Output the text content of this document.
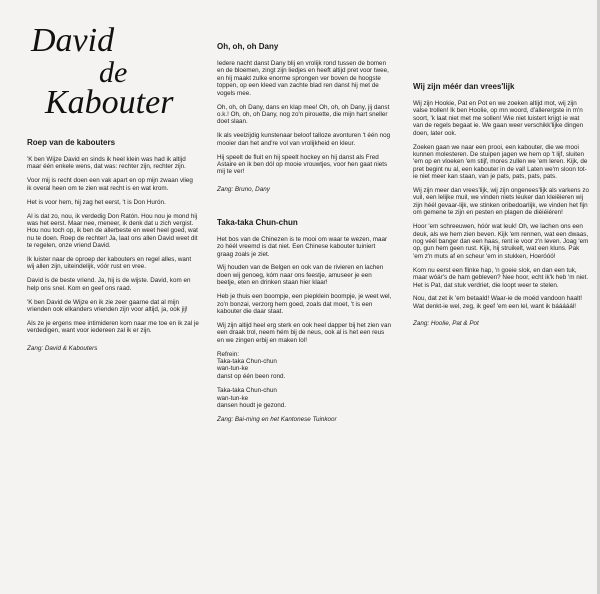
David
de
Kabouter
Roep van de kabouters

'K ben Wijze David en sinds ik heel klein was had ik altijd maar één enkele wens, dat was: rechter zijn, rechter zijn.

Voor mij is recht doen een vak apart en op mijn zwaan vlieg ik overal heen om te zien wat recht is en wat krom.

Het is voor hem, hij zag het eerst, 't is Don Hurón.

Al is dat zo, nou, ik verdedig Don Ratón. Hou nou je mond hij was het eerst. Maar nee, meneer, ik denk dat u zich vergist. Hou nou toch op, ik ben de allerbeste en weet heel goed, wat nu te doen. Roep de rechter! Ja, laat ons allen David weet dit te regelen, onze vriend David.

Ik luister naar de oproep der kabouters en regel alles, want wij allen zijn, uiteindelijk, vóór rust en vree.

David is de beste vriend. Ja, hij is de wijste. David, kom en help ons snel. Kom en geef ons raad.

'K ben David de Wijze en ik zie zeer gaarne dat al mijn vrienden ook elkanders vrienden zijn voor altijd, ja, ook jij!

Als ze je ergens mee intimideren kom naar me toe en ik zal je verdedigen, want voor iedereen zal ik er zijn.

Zang: David & Kabouters

Oh, oh, oh Dany

Iedere nacht danst Dany blij en vrolijk rond tussen de bomen en de bloemen, zingt zijn liedjes en heeft altijd pret voor twee, en hij maakt zulke enorme sprongen ver boven de hoogste toppen, op een kleed van zachte blad ren danst hij met de vogels mee.

Oh, oh, oh Dany, dans en klap mee! Oh, oh, oh Dany, jij danst o.k.! Oh, oh, oh Dany, nog zo'n pirouette, die mijn hart sneller doet slaan.

Ik als veelzijdig kunstenaar beloof talloze avonturen 't één nog mooier dan het and're vol van vrolijkheid en kleur.

Hij speelt de fluit en hij speelt hockey en hij danst als Fred Astaire en ik ben dól op mooie vrouwtjes, voor hen gaat niets mij te ver!

Zang: Bruno, Dany

Taka-taka Chun-chun

Het bos van de Chinezen is te mooi om waar te wezen, maar zo héél vreemd is dat niet. Een Chinese kabouter tuiniert graag zoals je ziet.

Wij houden van de Belgen en ook van de rivieren en lachen doen wij genoeg, kóm naar ons feestje, amuseer je een beetje, eten en drinken staan hier klaar!

Heb je thuis een boompje, een piepklein boompje, je weet wel, zo'n bonzai, verzorg hem goed, zoals dat moet, 't is een kabouter die daar staat.

Wij zijn altijd heel erg sterk en ook heel dapper bij het zien van een draak trol, neem hém bij de neus, ook al is het een reus en we zingen erbij en maken lol!

Refrein:

Taka-taka Chun-chun

wan-tun-ke

danst op één been rond.

Taka-taka Chun-chun

wan-tun-ke

dansen houdt je gezond.

Zang: Bai-ming en het Kantonese Tuinkoor

Wij zijn méér dan vrees'lijk

Wij zijn Hookie, Pat en Pot en we zoeken altijd mot, wij zijn valse trollen! Ik ben Hoolie, op mn woord, d'allerergste in m'n soort, 'k laat niet met me sollen! Wie niet luistert krijgt ie wat van de regels begaat ie. We gaan weer verschikk'lijke dingen doen, later ook.

Zoeken gaan we naar een prooi, een kabouter, die we mooi kunnen molesteren. De stuipen jagen we hem op 't lijf, sluiten 'em op en vloeken 'em stijf, mores zullen we 'em leren. Kijk, de pret begint nu al, een kabouter in de val! Laten we'm sloon tot-ie niet meer kan staan, van je pats, pats, pats, pats.

Wij zijn meer dan vrees'lijk, wij zijn ongenees'lijk als varkens zo vuil, een lelijke muil, we vinden niets leuker dan kleiëieren wij zijn héél gevaar-lijk, we stinken oribedoarlijk, we vinden het fijn om gemene te zijn en pesten en plagen de diéiéiéren!

Hoor 'em schreeuwen, hóór wat leuk! Oh, we lachen ons een deuk, als we hem zien beven. Kijk 'em rennen, wat een dwaas, nog véél banger dan een haas, rent ie voor z'n leven. Joag 'em op, gun hem geen rust. Kijk, hij struikelt, wat een kluns. Pak 'em z'n muts af en scheur 'em in stukken, Hoeróóó!

Kom nu eerst een flinke hap, 'n goeie slok, en dan een tuk, maar wóár's de ham gebleven? Nee hoor, echt ik'k heb 'm niet. Het is Pat, dat stuk verdriet, die loopt weer te stelen.

Nou, dat zet ik 'em betaald! Waar-ie de moéd vandoon haalt! Wat denkt-ie wel, zeg, ik geef 'em een lel, want ik bááááál!

Zang: Hoolie, Pat & Pot
